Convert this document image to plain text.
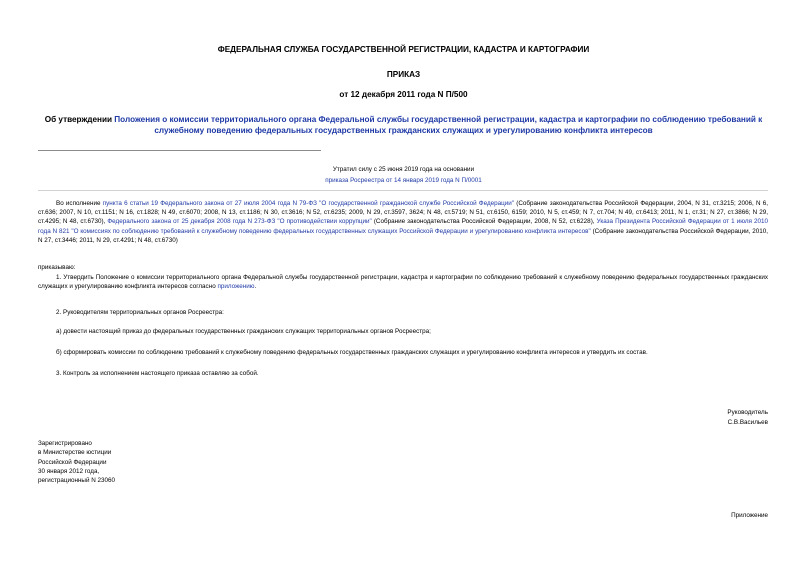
ФЕДЕРАЛЬНАЯ СЛУЖБА ГОСУДАРСТВЕННОЙ РЕГИСТРАЦИИ, КАДАСТРА И КАРТОГРАФИИ
ПРИКАЗ
от 12 декабря 2011 года N П/500
Об утверждении Положения о комиссии территориального органа Федеральной службы государственной регистрации, кадастра и картографии по соблюдению требований к служебному поведению федеральных государственных гражданских служащих и урегулированию конфликта интересов
Утратил силу с 25 июня 2019 года на основании
приказа Росреестра от 14 января 2019 года N П/0001
Во исполнение пункта 6 статьи 19 Федерального закона от 27 июля 2004 года N 79-ФЗ "О государственной гражданской службе Российской Федерации" (Собрание законодательства Российской Федерации, 2004, N 31, ст.3215; 2006, N 6, ст.636; 2007, N 10, ст.1151; N 16, ст.1828; N 49, ст.6070; 2008, N 13, ст.1186; N 30, ст.3616; N 52, ст.6235; 2009, N 29, ст.3597, 3624; N 48, ст.5719; N 51, ст.6150, 6159; 2010, N 5, ст.459; N 7, ст.704; N 49, ст.6413; 2011, N 1, ст.31; N 27, ст.3866; N 29, ст.4295; N 48, ст.6730), Федерального закона от 25 декабря 2008 года N 273-ФЗ "О противодействии коррупции" (Собрание законодательства Российской Федерации, 2008, N 52, ст.6228), Указа Президента Российской Федерации от 1 июля 2010 года N 821 "О комиссиях по соблюдению требований к служебному поведению федеральных государственных служащих Российской Федерации и урегулированию конфликта интересов" (Собрание законодательства Российской Федерации, 2010, N 27, ст.3446; 2011, N 29, ст.4291; N 48, ст.6730)
приказываю:
1. Утвердить Положение о комиссии территориального органа Федеральной службы государственной регистрации, кадастра и картографии по соблюдению требований к служебному поведению федеральных государственных гражданских служащих и урегулированию конфликта интересов согласно приложению.
2. Руководителям территориальных органов Росреестра:
а) довести настоящий приказ до федеральных государственных гражданских служащих территориальных органов Росреестра;
б) сформировать комиссии по соблюдению требований к служебному поведению федеральных государственных гражданских служащих и урегулированию конфликта интересов и утвердить их состав.
3. Контроль за исполнением настоящего приказа оставляю за собой.
Руководитель
С.В.Васильев
Зарегистрировано
в Министерстве юстиции
Российской Федерации
30 января 2012 года,
регистрационный N 23060
Приложение
